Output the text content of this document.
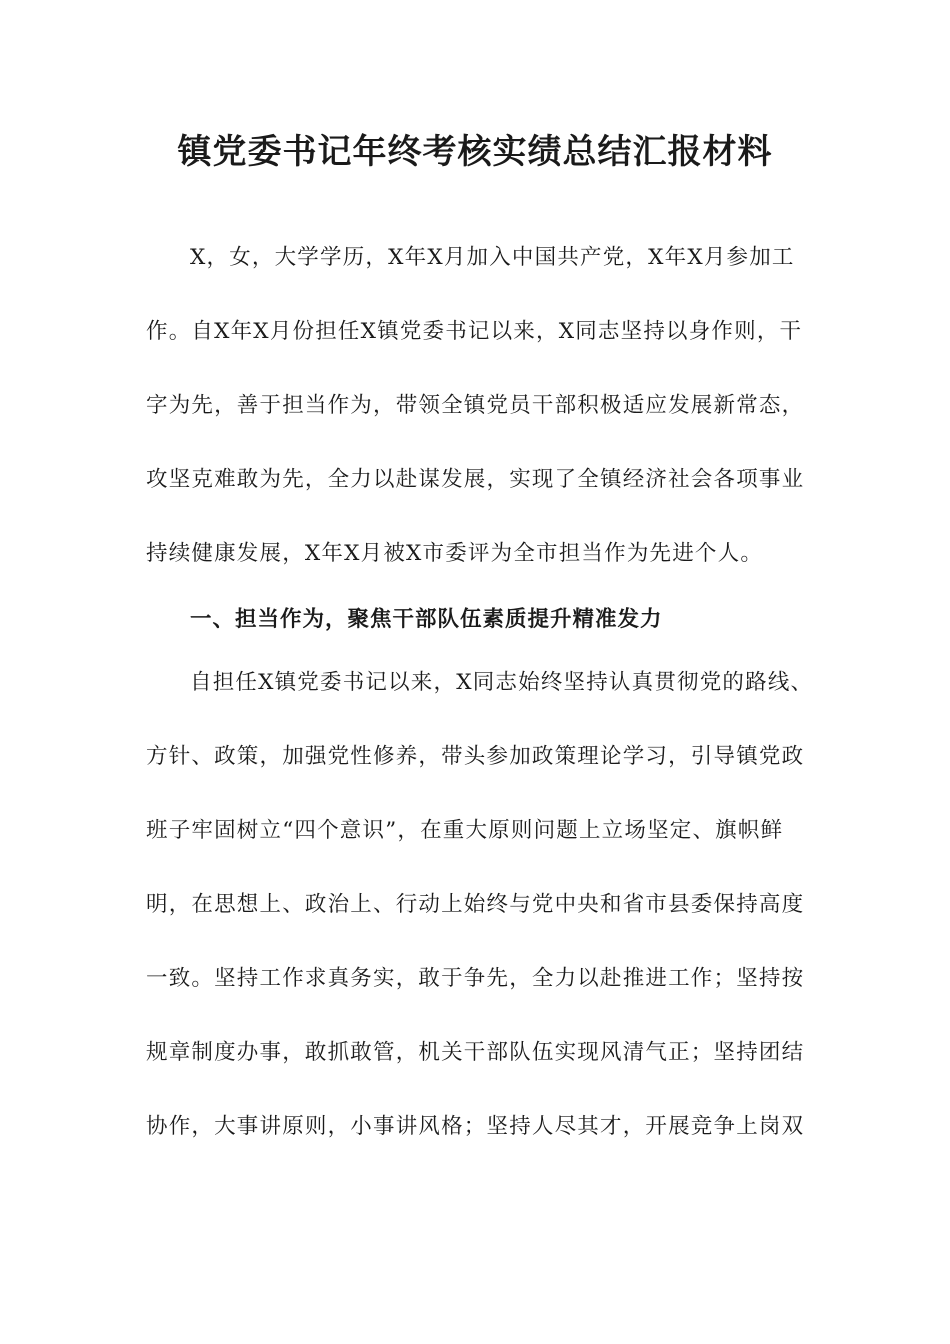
镇党委书记年终考核实绩总结汇报材料
X，女，大学学历，X年X月加入中国共产党，X年X月参加工
作。自X年X月份担任X镇党委书记以来，X同志坚持以身作则，干
字为先，善于担当作为，带领全镇党员干部积极适应发展新常态，
攻坚克难敢为先，全力以赴谋发展，实现了全镇经济社会各项事业
持续健康发展，X年X月被X市委评为全市担当作为先进个人。
一、担当作为，聚焦干部队伍素质提升精准发力
自担任X镇党委书记以来，X同志始终坚持认真贯彻党的路线、
方针、政策，加强党性修养，带头参加政策理论学习，引导镇党政
班子牢固树立“四个意识”，在重大原则问题上立场坚定、旗帜鲜
明，在思想上、政治上、行动上始终与党中央和省市县委保持高度
一致。坚持工作求真务实，敢于争先，全力以赴推进工作；坚持按
规章制度办事，敢抓敢管，机关干部队伍实现风清气正；坚持团结
协作，大事讲原则，小事讲风格；坚持人尽其才，开展竞争上岗双
